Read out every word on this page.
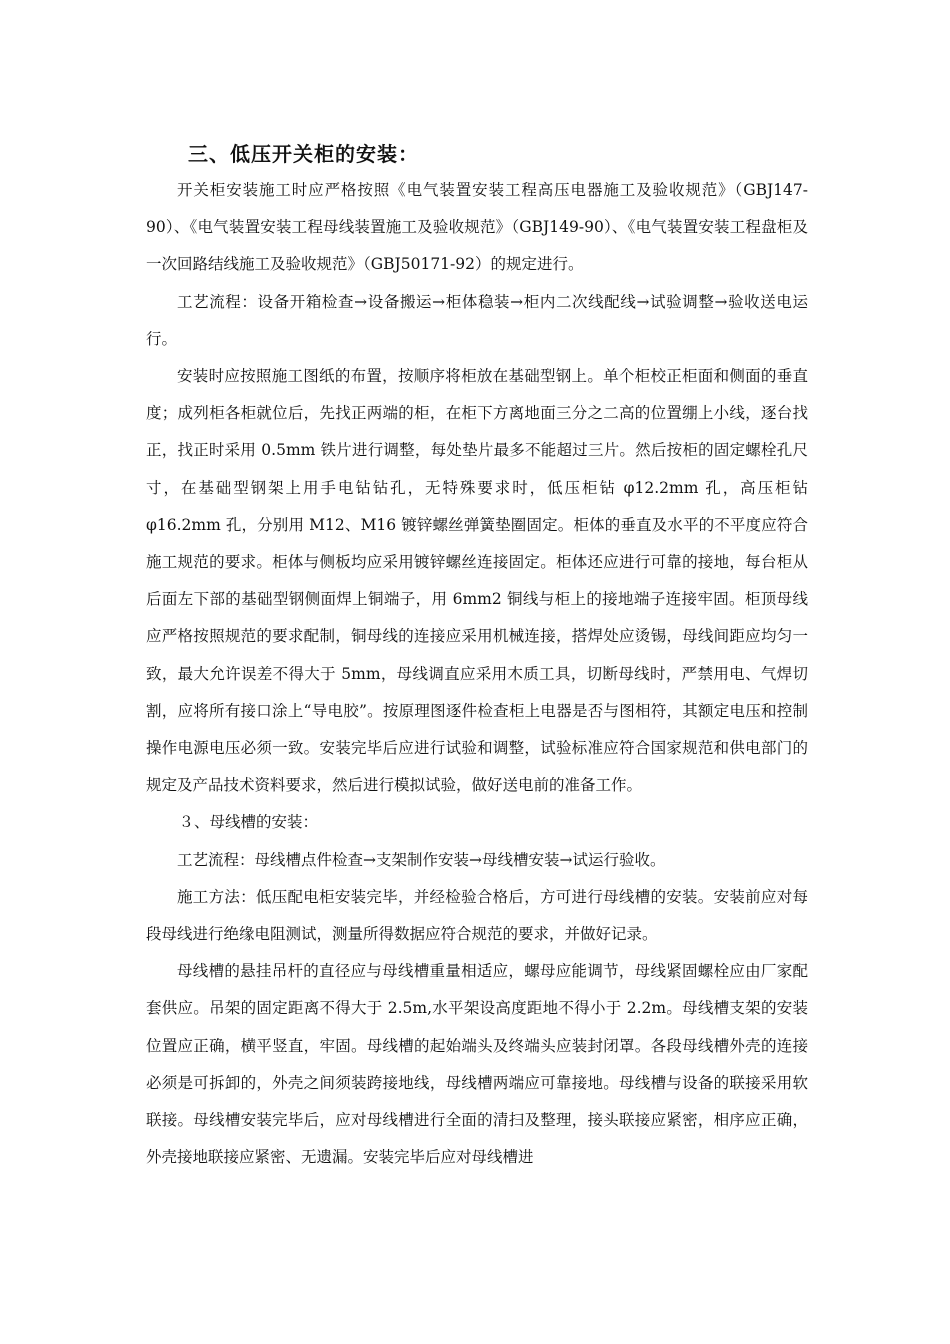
三、低压开关柜的安装：

开关柜安装施工时应严格按照《电气装置安装工程高压电器施工及验收规范》（GBJ147-90）、《电气装置安装工程母线装置施工及验收规范》（GBJ149-90）、《电气装置安装工程盘柜及一次回路结线施工及验收规范》（GBJ50171-92）的规定进行。

工艺流程：设备开箱检查→设备搬运→柜体稳装→柜内二次线配线→试验调整→验收送电运行。

安装时应按照施工图纸的布置，按顺序将柜放在基础型钢上。单个柜校正柜面和侧面的垂直度；成列柜各柜就位后，先找正两端的柜，在柜下方离地面三分之二高的位置绷上小线，逐台找正，找正时采用 0.5mm 铁片进行调整，每处垫片最多不能超过三片。然后按柜的固定螺栓孔尺寸，在基础型钢架上用手电钻钻孔，无特殊要求时，低压柜钻 φ12.2mm 孔，高压柜钻 φ16.2mm 孔，分别用 M12、M16 镀锌螺丝弹簧垫圈固定。柜体的垂直及水平的不平度应符合施工规范的要求。柜体与侧板均应采用镀锌螺丝连接固定。柜体还应进行可靠的接地，每台柜从后面左下部的基础型钢侧面焊上铜端子，用 6mm2 铜线与柜上的接地端子连接牢固。柜顶母线应严格按照规范的要求配制，铜母线的连接应采用机械连接，搭焊处应烫锡，母线间距应均匀一致，最大允许误差不得大于 5mm，母线调直应采用木质工具，切断母线时，严禁用电、气焊切割，应将所有接口涂上“导电胶”。按原理图逐件检查柜上电器是否与图相符，其额定电压和控制操作电源电压必须一致。安装完毕后应进行试验和调整，试验标准应符合国家规范和供电部门的规定及产品技术资料要求，然后进行模拟试验，做好送电前的准备工作。

３、母线槽的安装：

工艺流程：母线槽点件检查→支架制作安装→母线槽安装→试运行验收。

施工方法：低压配电柜安装完毕，并经检验合格后，方可进行母线槽的安装。安装前应对每段母线进行绝缘电阻测试，测量所得数据应符合规范的要求，并做好记录。

母线槽的悬挂吊杆的直径应与母线槽重量相适应，螺母应能调节，母线紧固螺栓应由厂家配套供应。吊架的固定距离不得大于 2.5m,水平架设高度距地不得小于 2.2m。母线槽支架的安装位置应正确，横平竖直，牢固。母线槽的起始端头及终端头应装封闭罩。各段母线槽外壳的连接必须是可拆卸的，外壳之间须装跨接地线，母线槽两端应可靠接地。母线槽与设备的联接采用软联接。母线槽安装完毕后，应对母线槽进行全面的清扫及整理，接头联接应紧密，相序应正确，外壳接地联接应紧密、无遗漏。安装完毕后应对母线槽进
